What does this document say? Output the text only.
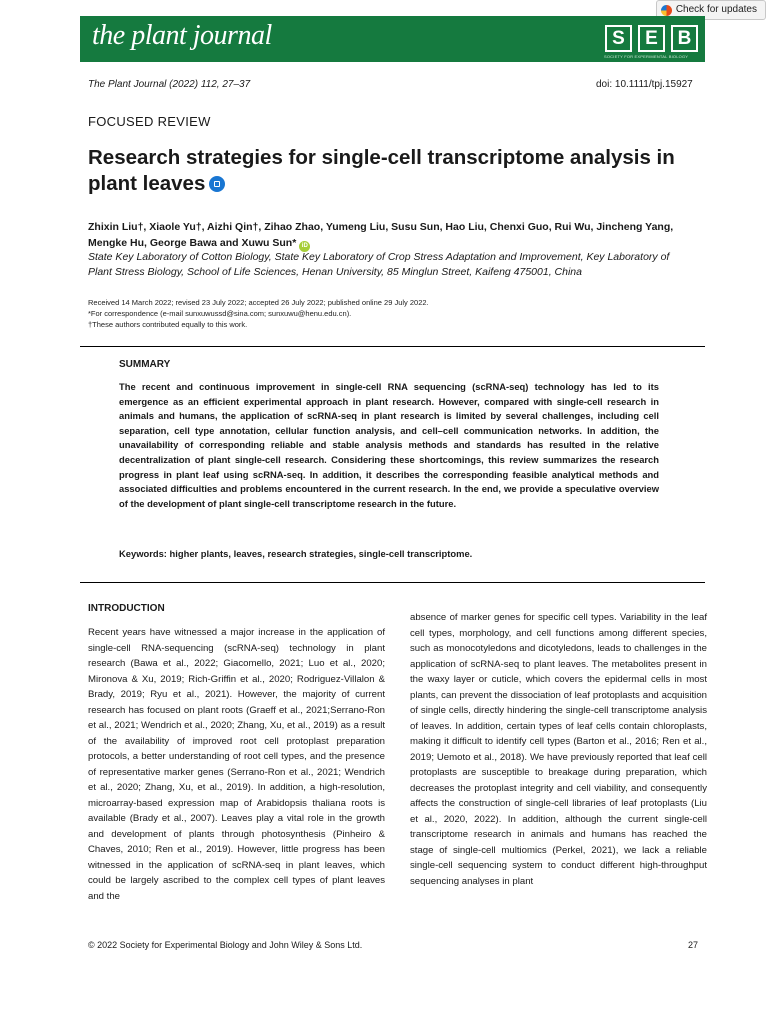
Check for updates
the plant journal	S	E	B
SOCIETY FOR EXPERIMENTAL BIOLOGY
The Plant Journal (2022) 112, 27–37	doi: 10.1111/tpj.15927
FOCUSED REVIEW
Research strategies for single-cell transcriptome analysis in plant leaves
Zhixin Liu†, Xiaole Yu†, Aizhi Qin†, Zihao Zhao, Yumeng Liu, Susu Sun, Hao Liu, Chenxi Guo, Rui Wu, Jincheng Yang, Mengke Hu, George Bawa and Xuwu Sun* iD
State Key Laboratory of Cotton Biology, State Key Laboratory of Crop Stress Adaptation and Improvement, Key Laboratory of Plant Stress Biology, School of Life Sciences, Henan University, 85 Minglun Street, Kaifeng 475001, China
Received 14 March 2022; revised 23 July 2022; accepted 26 July 2022; published online 29 July 2022.
*For correspondence (e-mail sunxuwussd@sina.com; sunxuwu@henu.edu.cn).
†These authors contributed equally to this work.
SUMMARY
The recent and continuous improvement in single-cell RNA sequencing (scRNA-seq) technology has led to its emergence as an efficient experimental approach in plant research. However, compared with single-cell research in animals and humans, the application of scRNA-seq in plant research is limited by several challenges, including cell separation, cell type annotation, cellular function analysis, and cell–cell communication networks. In addition, the unavailability of corresponding reliable and stable analysis methods and standards has resulted in the relative decentralization of plant single-cell research. Considering these shortcomings, this review summarizes the research progress in plant leaf using scRNA-seq. In addition, it describes the corresponding feasible analytical methods and associated difficulties and problems encountered in the current research. In the end, we provide a speculative overview of the development of plant single-cell transcriptome research in the future.
Keywords: higher plants, leaves, research strategies, single-cell transcriptome.
INTRODUCTION
Recent years have witnessed a major increase in the application of single-cell RNA-sequencing (scRNA-seq) technology in plant research (Bawa et al., 2022; Giacomello, 2021; Luo et al., 2020; Mironova & Xu, 2019; Rich-Griffin et al., 2020; Rodriguez-Villalon & Brady, 2019; Ryu et al., 2021). However, the majority of current research has focused on plant roots (Graeff et al., 2021;Serrano-Ron et al., 2021; Wendrich et al., 2020; Zhang, Xu, et al., 2019) as a result of the availability of improved root cell protoplast preparation protocols, a better understanding of root cell types, and the presence of representative marker genes (Serrano-Ron et al., 2021; Wendrich et al., 2020; Zhang, Xu, et al., 2019). In addition, a high-resolution, microarray-based expression map of Arabidopsis thaliana roots is available (Brady et al., 2007). Leaves play a vital role in the growth and development of plants through photosynthesis (Pinheiro & Chaves, 2010; Ren et al., 2019). However, little progress has been witnessed in the application of scRNA-seq in plant leaves, which could be largely ascribed to the complex cell types of plant leaves and the
absence of marker genes for specific cell types. Variability in the leaf cell types, morphology, and cell functions among different species, such as monocotyledons and dicotyledons, leads to challenges in the application of scRNA-seq to plant leaves. The metabolites present in the waxy layer or cuticle, which covers the epidermal cells in most plants, can prevent the dissociation of leaf protoplasts and acquisition of single cells, directly hindering the single-cell transcriptome analysis of leaves. In addition, certain types of leaf cells contain chloroplasts, making it difficult to identify cell types (Barton et al., 2016; Ren et al., 2019; Uemoto et al., 2018). We have previously reported that leaf cell protoplasts are susceptible to breakage during preparation, which decreases the protoplast integrity and cell viability, and consequently affects the construction of single-cell libraries of leaf protoplasts (Liu et al., 2020, 2022). In addition, although the current single-cell transcriptome research in animals and humans has reached the stage of single-cell multiomics (Perkel, 2021), we lack a reliable single-cell sequencing system to conduct different high-throughput sequencing analyses in plant
© 2022 Society for Experimental Biology and John Wiley & Sons Ltd.	27
